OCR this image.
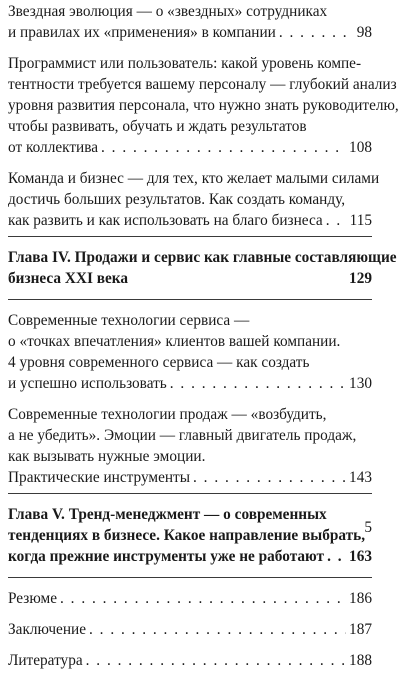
Звездная эволюция — о «звездных» сотрудниках
и правилах их «применения» в компании . . .	98
Программист или пользователь: какой уровень компе-
тентности требуется вашему персоналу — глубокий анализ
уровня развития персонала, что нужно знать руководителю,
чтобы развивать, обучать и ждать результатов
от коллектива . . .	108
Команда и бизнес — для тех, кто желает малыми силами
достичь больших результатов. Как создать команду,
как развить и как использовать на благо бизнеса . . . 115
Глава IV. Продажи и сервис как главные составляющие
бизнеса XXI века	129
Современные технологии сервиса —
о «точках впечатления» клиентов вашей компании.
4 уровня современного сервиса — как создать
и успешно использовать . . .	130
Современные технологии продаж — «возбудить,
а не убедить». Эмоции — главный двигатель продаж,
как вызывать нужные эмоции.
Практические инструменты . . .	143
Глава V. Тренд-менеджмент — о современных
тенденциях в бизнесе. Какое направление выбрать,
когда прежние инструменты уже не работают . . . 163
Резюме . . .	186
Заключение . . .	187
Литература . . .	188
5
